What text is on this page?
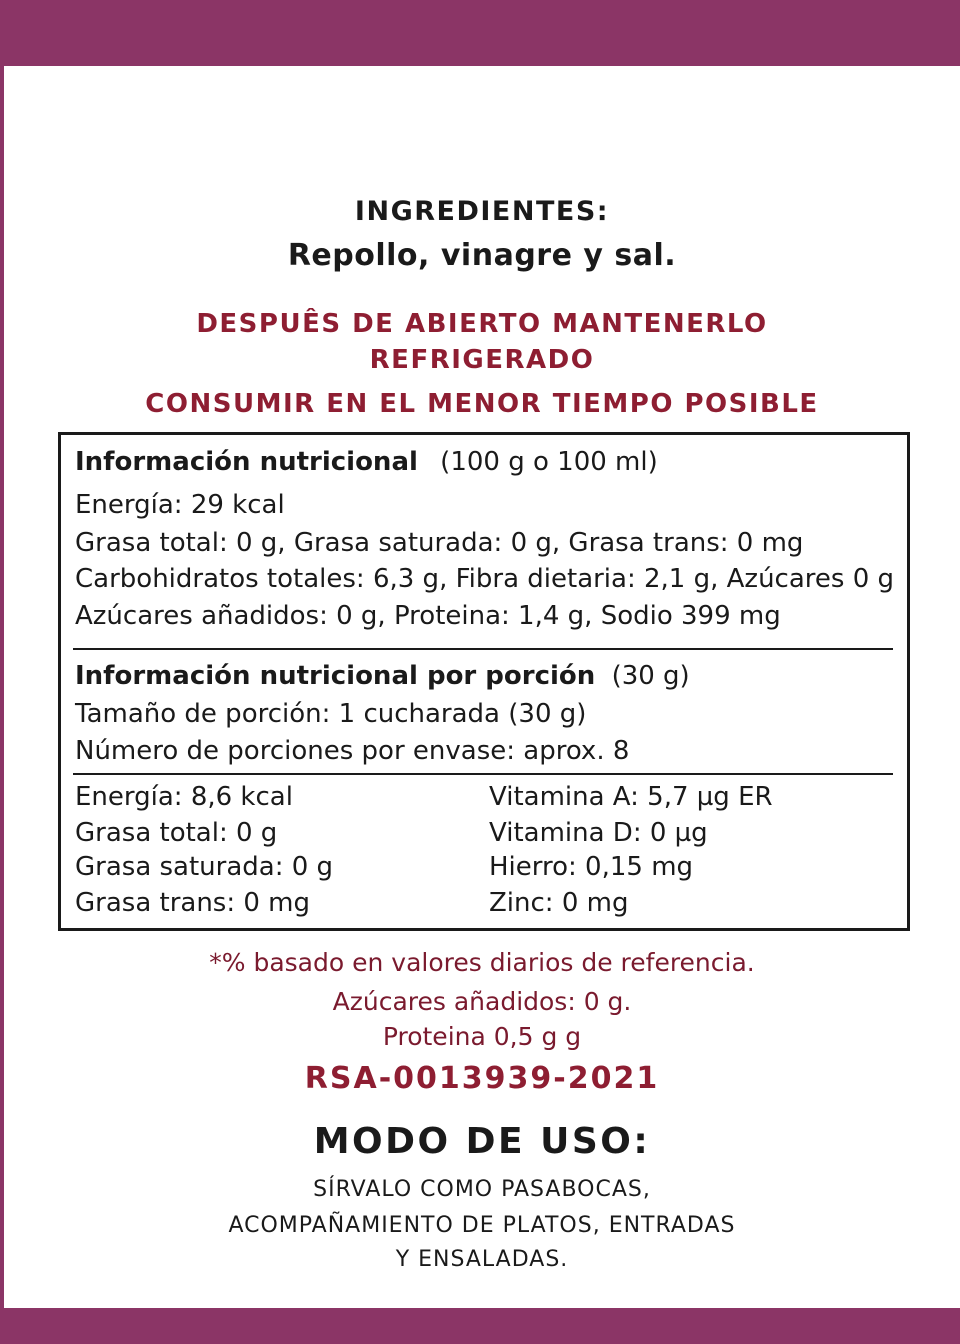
INGREDIENTES:
Repollo, vinagre y sal.
DESPUÊS DE ABIERTO MANTENERLO
REFRIGERADO
CONSUMIR EN EL MENOR TIEMPO POSIBLE
Información nutricional (100 g o 100 ml)
Energía: 29 kcal
Grasa total: 0 g, Grasa saturada: 0 g, Grasa trans: 0 mg
Carbohidratos totales: 6,3 g, Fibra dietaria: 2,1 g, Azúcares 0 g
Azúcares añadidos: 0 g, Proteina: 1,4 g, Sodio 399 mg
Información nutricional por porción (30 g)
Tamaño de porción: 1 cucharada (30 g)
Número de porciones por envase: aprox. 8
Energía: 8,6 kcal
Grasa total: 0 g
Grasa saturada: 0 g
Grasa trans: 0 mg
Vitamina A: 5,7 µg ER
Vitamina D: 0 µg
Hierro: 0,15 mg
Zinc: 0 mg
*% basado en valores diarios de referencia.
Azúcares añadidos: 0 g.
Proteina 0,5 g g
RSA-0013939-2021
MODO DE USO:
SÍRVALO COMO PASABOCAS,
ACOMPAÑAMIENTO DE PLATOS, ENTRADAS
Y ENSALADAS.
